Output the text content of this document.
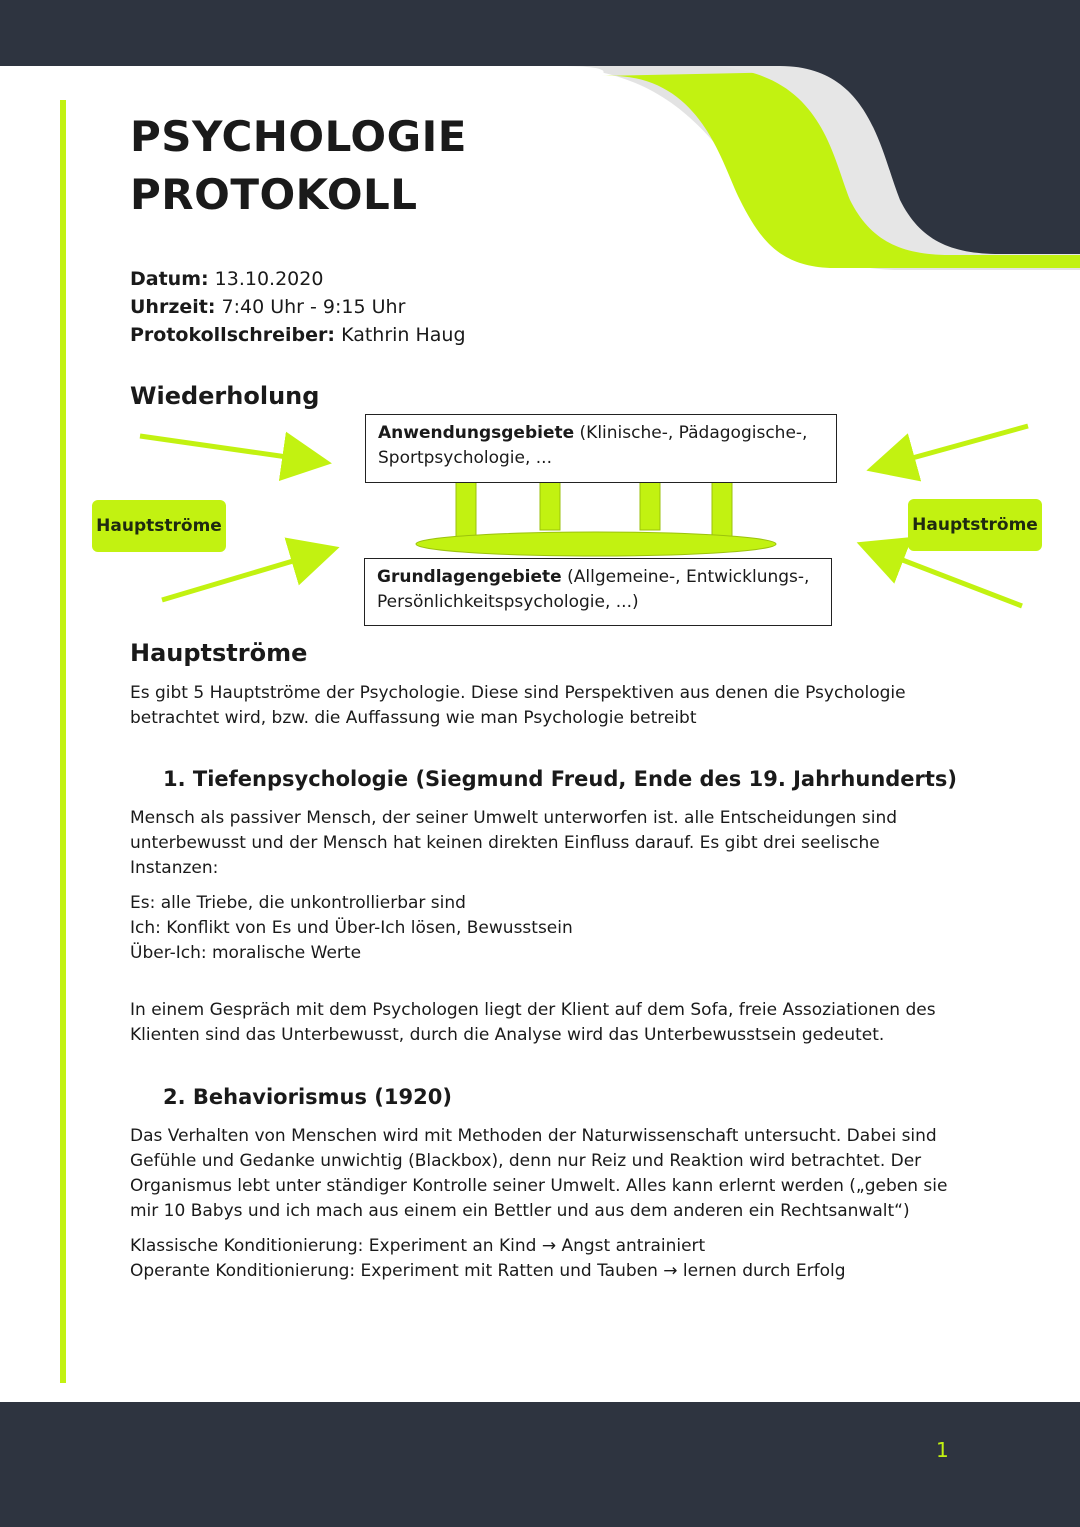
PSYCHOLOGIE
PROTOKOLL
Datum: 13.10.2020
Uhrzeit: 7:40 Uhr - 9:15 Uhr
Protokollschreiber: Kathrin Haug
Wiederholung
Anwendungsgebiete (Klinische-, Pädagogische-,
Sportpsychologie, ...
Grundlagengebiete (Allgemeine-, Entwicklungs-,
Persönlichkeitspsychologie, ...)
Hauptströme	Hauptströme
Hauptströme
Es gibt 5 Hauptströme der Psychologie. Diese sind Perspektiven aus denen die Psychologie
betrachtet wird, bzw. die Auffassung wie man Psychologie betreibt
1. Tiefenpsychologie (Siegmund Freud, Ende des 19. Jahrhunderts)
Mensch als passiver Mensch, der seiner Umwelt unterworfen ist. alle Entscheidungen sind
unterbewusst und der Mensch hat keinen direkten Einfluss darauf. Es gibt drei seelische
Instanzen:
Es: alle Triebe, die unkontrollierbar sind
Ich: Konflikt von Es und Über-Ich lösen, Bewusstsein
Über-Ich: moralische Werte
In einem Gespräch mit dem Psychologen liegt der Klient auf dem Sofa, freie Assoziationen des
Klienten sind das Unterbewusst, durch die Analyse wird das Unterbewusstsein gedeutet.
2. Behaviorismus (1920)
Das Verhalten von Menschen wird mit Methoden der Naturwissenschaft untersucht. Dabei sind
Gefühle und Gedanke unwichtig (Blackbox), denn nur Reiz und Reaktion wird betrachtet. Der
Organismus lebt unter ständiger Kontrolle seiner Umwelt. Alles kann erlernt werden („geben sie
mir 10 Babys und ich mach aus einem ein Bettler und aus dem anderen ein Rechtsanwalt“)
Klassische Konditionierung: Experiment an Kind → Angst antrainiert
Operante Konditionierung: Experiment mit Ratten und Tauben → lernen durch Erfolg
1
